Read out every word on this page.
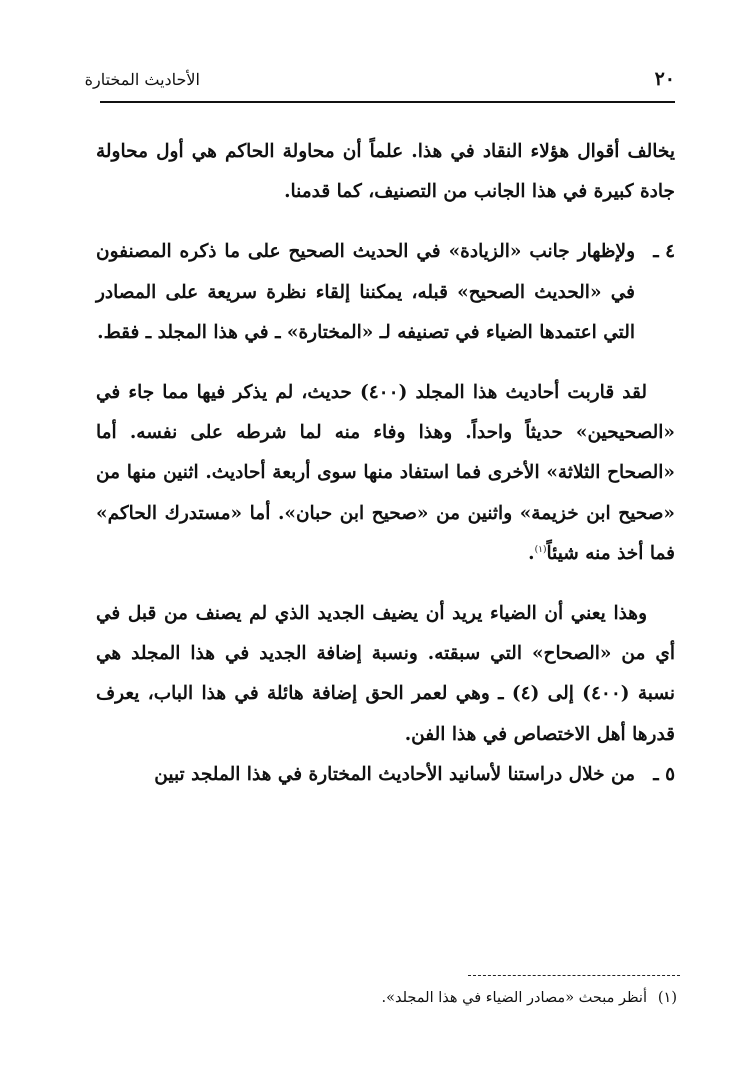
٢٠
الأحاديث المختارة

يخالف أقوال هؤلاء النقاد في هذا. علماً أن محاولة الحاكم هي أول محاولة جادة كبيرة في هذا الجانب من التصنيف، كما قدمنا.

٤ ـ
ولإظهار جانب «الزيادة» في الحديث الصحيح على ما ذكره المصنفون في «الحديث الصحيح» قبله، يمكننا إلقاء نظرة سريعة على المصادر التي اعتمدها الضياء في تصنيفه لـ «المختارة» ـ في هذا المجلد ـ فقط.

لقد قاربت أحاديث هذا المجلد (٤٠٠) حديث، لم يذكر فيها مما جاء في «الصحيحين» حديثاً واحداً. وهذا وفاء منه لما شرطه على نفسه. أما «الصحاح الثلاثة» الأخرى فما استفاد منها سوى أربعة أحاديث. اثنين منها من «صحيح ابن خزيمة» واثنين من «صحيح ابن حبان». أما «مستدرك الحاكم» فما أخذ منه شيئاً$^{(١)}$.

وهذا يعني أن الضياء يريد أن يضيف الجديد الذي لم يصنف من قبل في أي من «الصحاح» التي سبقته. ونسبة إضافة الجديد في هذا المجلد هي نسبة (٤٠٠) إلى (٤) ـ وهي لعمر الحق إضافة هائلة في هذا الباب، يعرف قدرها أهل الاختصاص في هذا الفن.

٥ ـ
من خلال دراستنا لأسانيد الأحاديث المختارة في هذا الملجد تبين
(١)
أنظر مبحث «مصادر الضياء في هذا المجلد».
